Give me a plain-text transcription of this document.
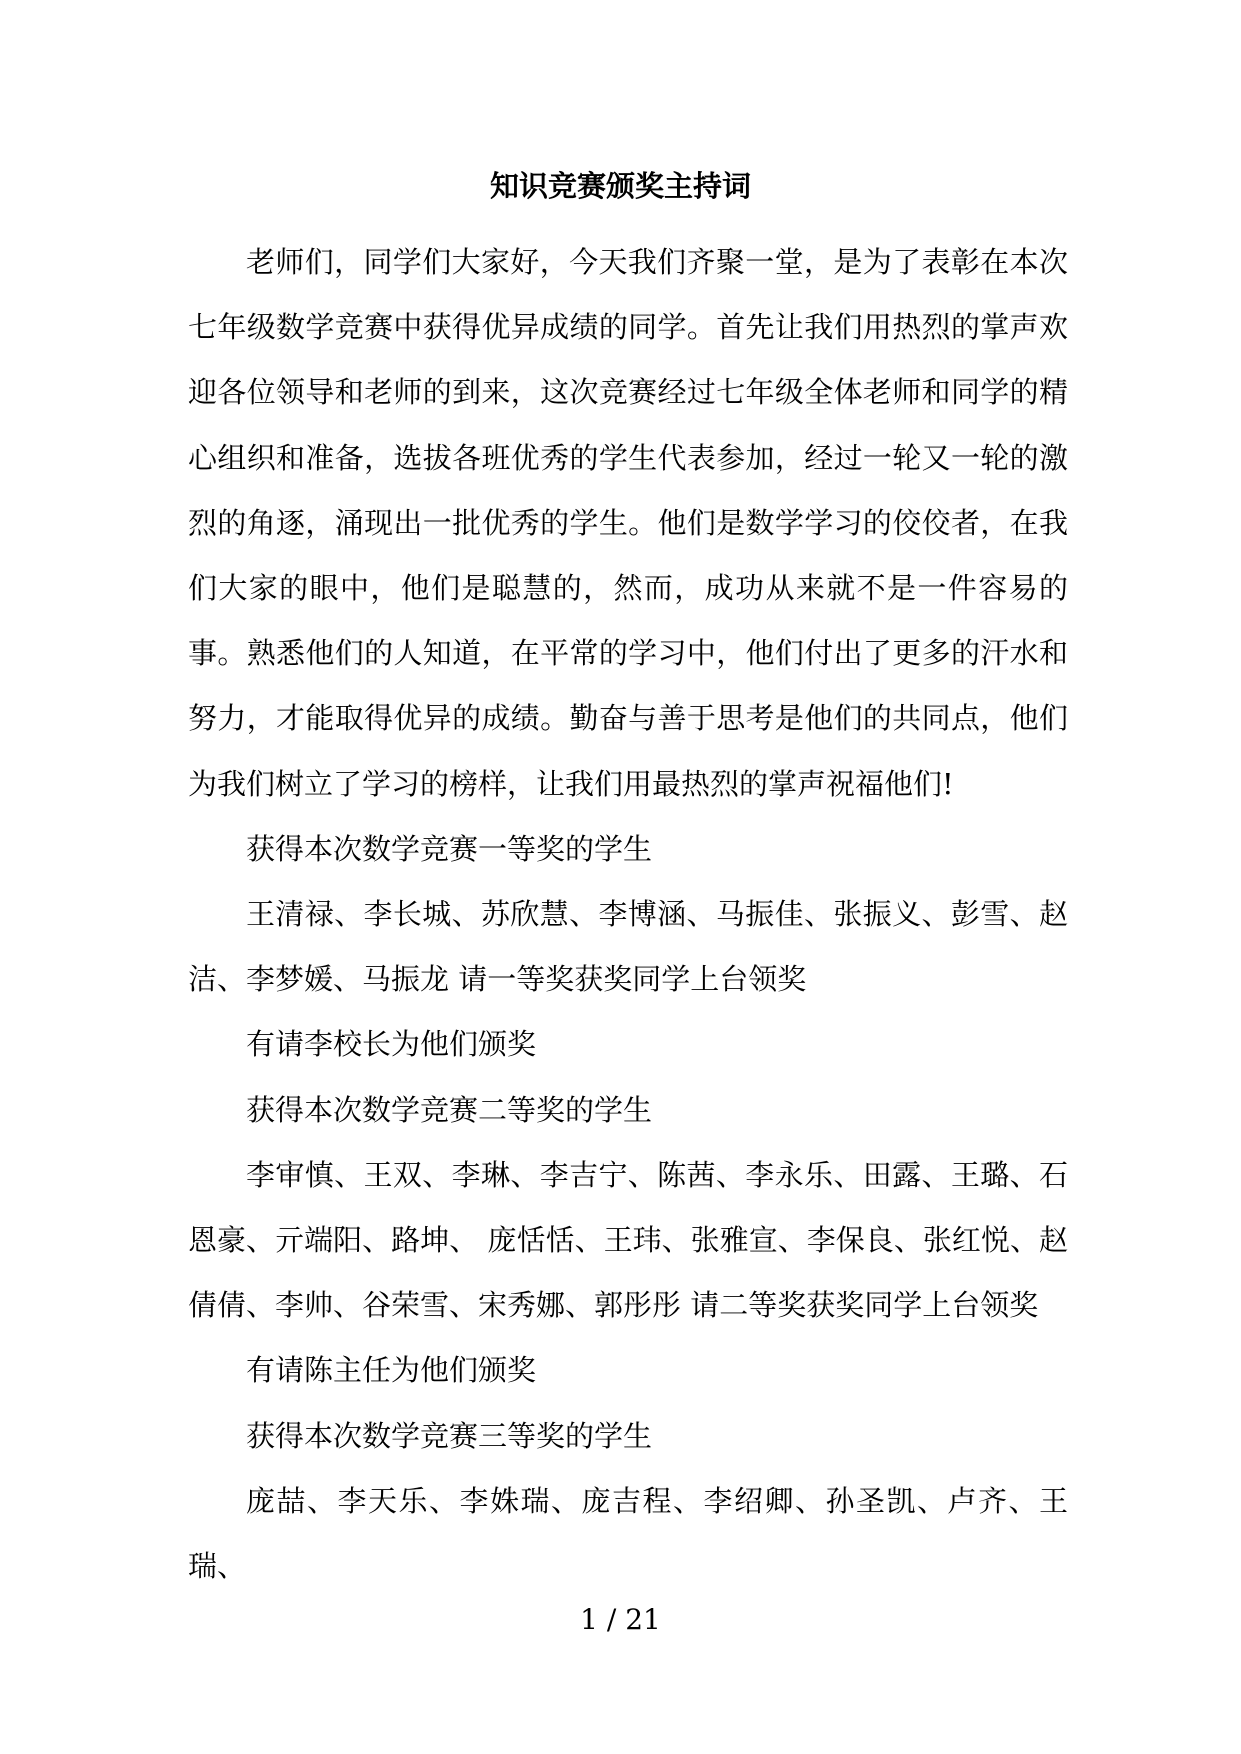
知识竞赛颁奖主持词

老师们，同学们大家好，今天我们齐聚一堂，是为了表彰在本次七年级数学竞赛中获得优异成绩的同学。首先让我们用热烈的掌声欢迎各位领导和老师的到来，这次竞赛经过七年级全体老师和同学的精心组织和准备，选拔各班优秀的学生代表参加，经过一轮又一轮的激烈的角逐，涌现出一批优秀的学生。他们是数学学习的佼佼者，在我们大家的眼中，他们是聪慧的，然而，成功从来就不是一件容易的事。熟悉他们的人知道，在平常的学习中，他们付出了更多的汗水和努力，才能取得优异的成绩。勤奋与善于思考是他们的共同点，他们为我们树立了学习的榜样，让我们用最热烈的掌声祝福他们!

获得本次数学竞赛一等奖的学生

王清禄、李长城、苏欣慧、李博涵、马振佳、张振义、彭雪、赵洁、李梦媛、马振龙 请一等奖获奖同学上台领奖

有请李校长为他们颁奖

获得本次数学竞赛二等奖的学生

李审慎、王双、李琳、李吉宁、陈茜、李永乐、田露、王璐、石恩豪、亓端阳、路坤、 庞恬恬、王玮、张雅宣、李保良、张红悦、赵倩倩、李帅、谷荣雪、宋秀娜、郭彤彤 请二等奖获奖同学上台领奖

有请陈主任为他们颁奖

获得本次数学竞赛三等奖的学生

庞喆、李天乐、李姝瑞、庞吉程、李绍卿、孙圣凯、卢齐、王瑞、

1 / 21
